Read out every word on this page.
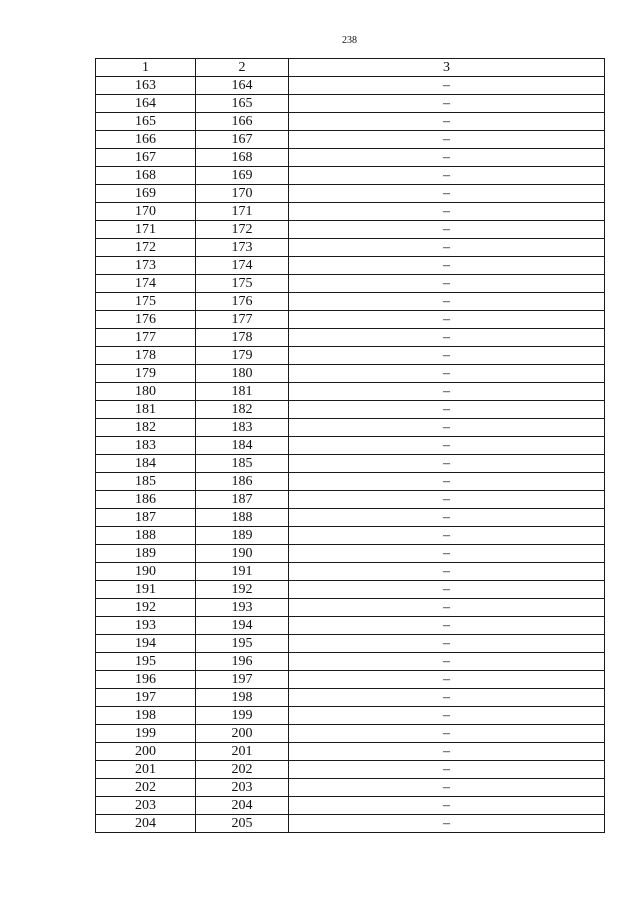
238
1	2	3
163	164	–
164	165	–
165	166	–
166	167	–
167	168	–
168	169	–
169	170	–
170	171	–
171	172	–
172	173	–
173	174	–
174	175	–
175	176	–
176	177	–
177	178	–
178	179	–
179	180	–
180	181	–
181	182	–
182	183	–
183	184	–
184	185	–
185	186	–
186	187	–
187	188	–
188	189	–
189	190	–
190	191	–
191	192	–
192	193	–
193	194	–
194	195	–
195	196	–
196	197	–
197	198	–
198	199	–
199	200	–
200	201	–
201	202	–
202	203	–
203	204	–
204	205	–
